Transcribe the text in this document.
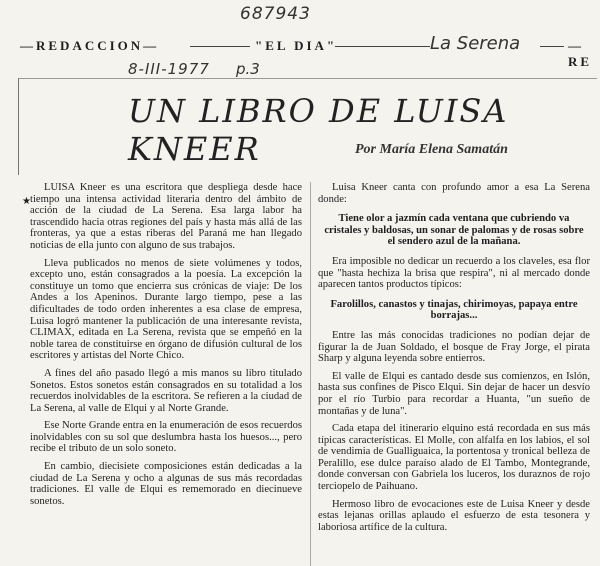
687943
La Serena
8-III-1977 p.3
—REDACCION—	"EL DIA"	—RE
UN LIBRO DE LUISA KNEER	Por María Elena Samatán
★

LUISA Kneer es una escritora que despliega desde hace tiempo una intensa actividad literaria dentro del ámbito de acción de la ciudad de La Serena. Esa larga labor ha trascendido hacia otras regiones del país y hasta más allá de las fronteras, ya que a estas riberas del Paraná me han llegado noticias de ella junto con alguno de sus trabajos.

Lleva publicados no menos de siete volúmenes y todos, excepto uno, están consagrados a la poesía. La excepción la constituye un tomo que encierra sus crónicas de viaje: De los Andes a los Apeninos. Durante largo tiempo, pese a las dificultades de todo orden inherentes a esa clase de empresa, Luisa logró mantener la publicación de una interesante revista, CLIMAX, editada en La Serena, revista que se empeñó en la noble tarea de constituirse en órgano de difusión cultural de los escritores y artistas del Norte Chico.

A fines del año pasado llegó a mis manos su libro titulado Sonetos. Estos sonetos están consagrados en su totalidad a los recuerdos inolvidables de la escritora. Se refieren a la ciudad de La Serena, al valle de Elqui y al Norte Grande.

Ese Norte Grande entra en la enumeración de esos recuerdos inolvidables con su sol que deslumbra hasta los huesos..., pero recibe el tributo de un solo soneto.

En cambio, diecisiete composiciones están dedicadas a la ciudad de La Serena y ocho a algunas de sus más recordadas tradiciones. El valle de Elqui es rememorado en diecinueve sonetos.

Luisa Kneer canta con profundo amor a esa La Serena donde:

Tiene olor a jazmín cada ventana que cubriendo va cristales y baldosas, un sonar de palomas y de rosas sobre el sendero azul de la mañana.

Era imposible no dedicar un recuerdo a los claveles, esa flor que "hasta hechiza la brisa que respira", ni al mercado donde aparecen tantos productos típicos:

Farolillos, canastos y tinajas, chirimoyas, papaya entre borrajas...

Entre las más conocidas tradiciones no podían dejar de figurar la de Juan Soldado, el bosque de Fray Jorge, el pirata Sharp y alguna leyenda sobre entierros.

El valle de Elqui es cantado desde sus comienzos, en Islón, hasta sus confines de Pisco Elqui. Sin dejar de hacer un desvío por el río Turbio para recordar a Huanta, "un sueño de montañas y de luna".

Cada etapa del itinerario elquino está recordada en sus más típicas características. El Molle, con alfalfa en los labios, el sol de vendimia de Gualliguaica, la portentosa y tronical belleza de Peralillo, ese dulce paraíso alado de El Tambo, Montegrande, donde conversan con Gabriela los luceros, los duraznos de rojo terciopelo de Paihuano.

Hermoso libro de evocaciones este de Luisa Kneer y desde estas lejanas orillas aplaudo el esfuerzo de esta tesonera y laboriosa artífice de la cultura.
